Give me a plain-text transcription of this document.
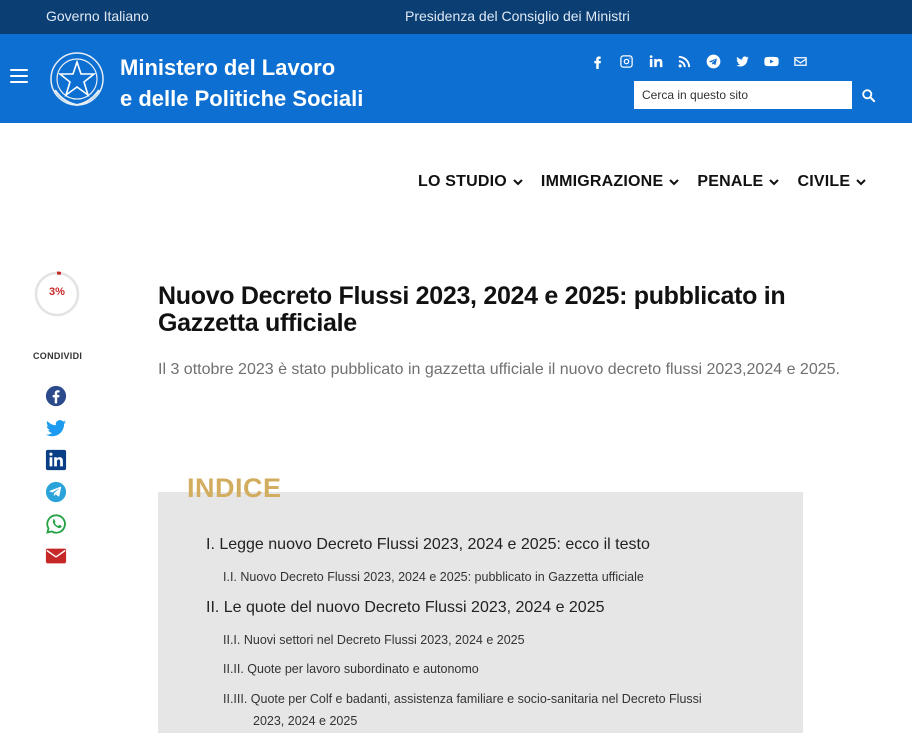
Governo Italiano	Presidenza del Consiglio dei Ministri
Ministero del Lavoro
e delle Politiche Sociali
Cerca in questo sito
LO STUDIO IMMIGRAZIONE PENALE CIVILE
3%
CONDIVIDI
Nuovo Decreto Flussi 2023, 2024 e 2025: pubblicato in Gazzetta ufficiale

Il 3 ottobre 2023 è stato pubblicato in gazzetta ufficiale il nuovo decreto flussi 2023,2024 e 2025.

INDICE
I. Legge nuovo Decreto Flussi 2023, 2024 e 2025: ecco il testo
I.I. Nuovo Decreto Flussi 2023, 2024 e 2025: pubblicato in Gazzetta ufficiale
II. Le quote del nuovo Decreto Flussi 2023, 2024 e 2025
II.I. Nuovi settori nel Decreto Flussi 2023, 2024 e 2025
II.II. Quote per lavoro subordinato e autonomo
II.III. Quote per Colf e badanti, assistenza familiare e socio-sanitaria nel Decreto Flussi 2023, 2024 e 2025
